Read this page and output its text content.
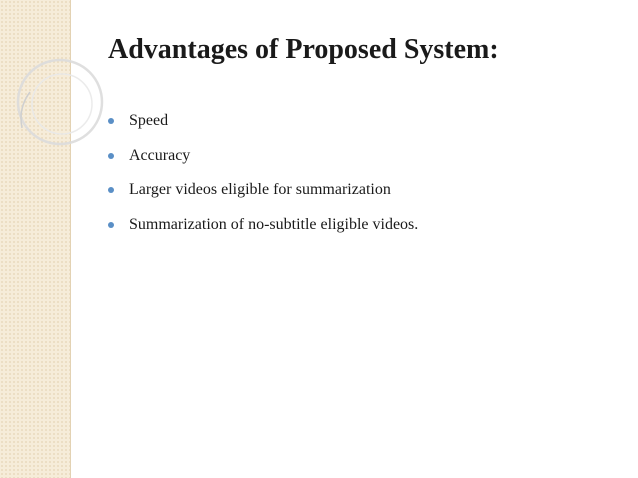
Advantages of Proposed System:
Speed
Accuracy
Larger videos eligible for summarization
Summarization of no-subtitle eligible videos.
